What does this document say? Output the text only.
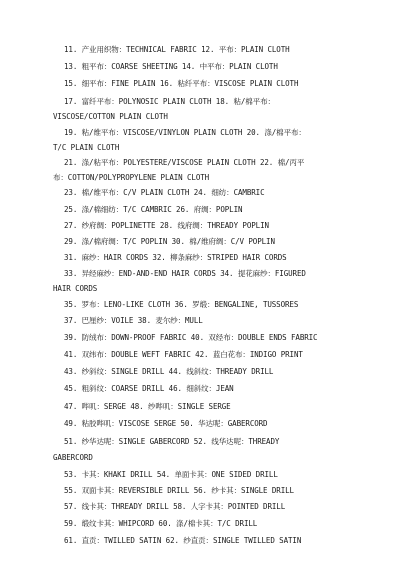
11. 产业用织物：TECHNICAL FABRIC 12. 平布：PLAIN CLOTH
13. 粗平布：COARSE SHEETING 14. 中平布：PLAIN CLOTH
15. 细平布：FINE PLAIN 16. 粘纤平布：VISCOSE PLAIN CLOTH
17. 富纤平布：POLYNOSIC PLAIN CLOTH 18. 粘/棉平布：
VISCOSE/COTTON PLAIN CLOTH
19. 粘/维平布：VISCOSE/VINYLON PLAIN CLOTH 20. 涤/棉平布：
T/C PLAIN CLOTH
21. 涤/粘平布：POLYESTERE/VISCOSE PLAIN CLOTH 22. 棉/丙平
布：COTTON/POLYPROPYLENE PLAIN CLOTH
23. 棉/维平布：C/V PLAIN CLOTH 24. 细纺：CAMBRIC
25. 涤/棉细纺：T/C CAMBRIC 26. 府绸：POPLIN
27. 纱府绸：POPLINETTE 28. 线府绸：THREADY POPLIN
29. 涤/棉府绸：T/C POPLIN 30. 棉/维府绸：C/V POPLIN
31. 麻纱：HAIR CORDS 32. 柳条麻纱：STRIPED HAIR CORDS
33. 异经麻纱：END-AND-END HAIR CORDS 34. 提花麻纱：FIGURED
HAIR CORDS
35. 罗布：LENO-LIKE CLOTH 36. 罗缎：BENGALINE, TUSSORES
37. 巴厘纱：VOILE 38. 麦尔纱：MULL
39. 防绒布：DOWN-PROOF FABRIC 40. 双经布：DOUBLE ENDS FABRIC
41. 双纬布：DOUBLE WEFT FABRIC 42. 蓝白花布：INDIGO PRINT
43. 纱斜纹：SINGLE DRILL 44. 线斜纹：THREADY DRILL
45. 粗斜纹：COARSE DRILL 46. 细斜纹：JEAN
47. 哔叽：SERGE 48. 纱哔叽：SINGLE SERGE
49. 粘胶哔叽：VISCOSE SERGE 50. 华达呢：GABERCORD
51. 纱华达呢：SINGLE GABERCORD 52. 线华达呢：THREADY
GABERCORD
53. 卡其：KHAKI DRILL 54. 单面卡其：ONE SIDED DRILL
55. 双面卡其：REVERSIBLE DRILL 56. 纱卡其：SINGLE DRILL
57. 线卡其：THREADY DRILL 58. 人字卡其：POINTED DRILL
59. 缎纹卡其：WHIPCORD 60. 涤/棉卡其：T/C DRILL
61. 直贡：TWILLED SATIN 62. 纱直贡：SINGLE TWILLED SATIN
